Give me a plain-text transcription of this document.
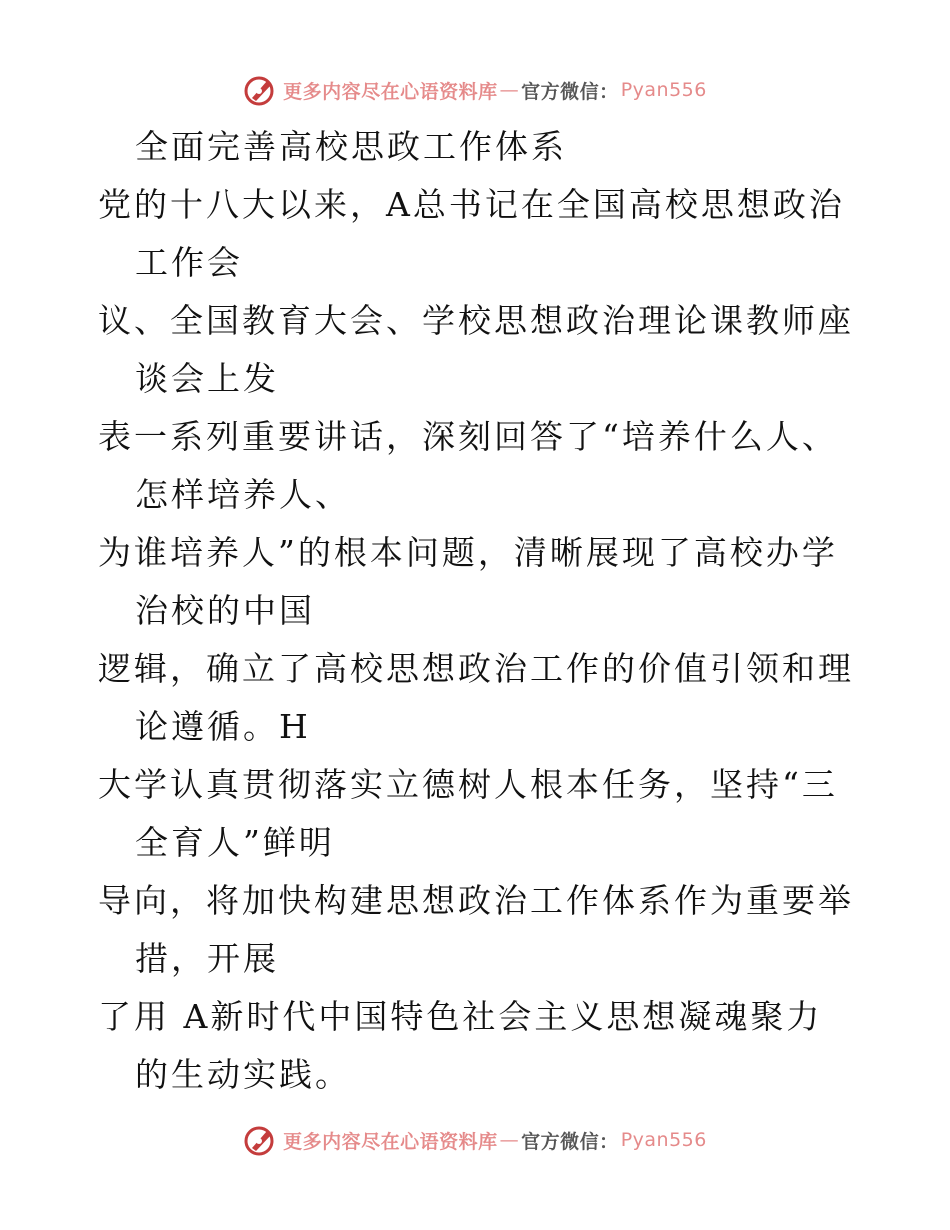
更多内容尽在心语资料库 — 官方微信： Pyan556
全面完善高校思政工作体系
党的十八大以来，A总书记在全国高校思想政治
工作会
议、全国教育大会、学校思想政治理论课教师座
谈会上发
表一系列重要讲话，深刻回答了“培养什么人、
怎样培养人、
为谁培养人”的根本问题，清晰展现了高校办学
治校的中国
逻辑，确立了高校思想政治工作的价值引领和理
论遵循。H
大学认真贯彻落实立德树人根本任务，坚持“三
全育人”鲜明
导向，将加快构建思想政治工作体系作为重要举
措，开展
了用 A新时代中国特色社会主义思想凝魂聚力
的生动实践。
更多内容尽在心语资料库 — 官方微信： Pyan556
